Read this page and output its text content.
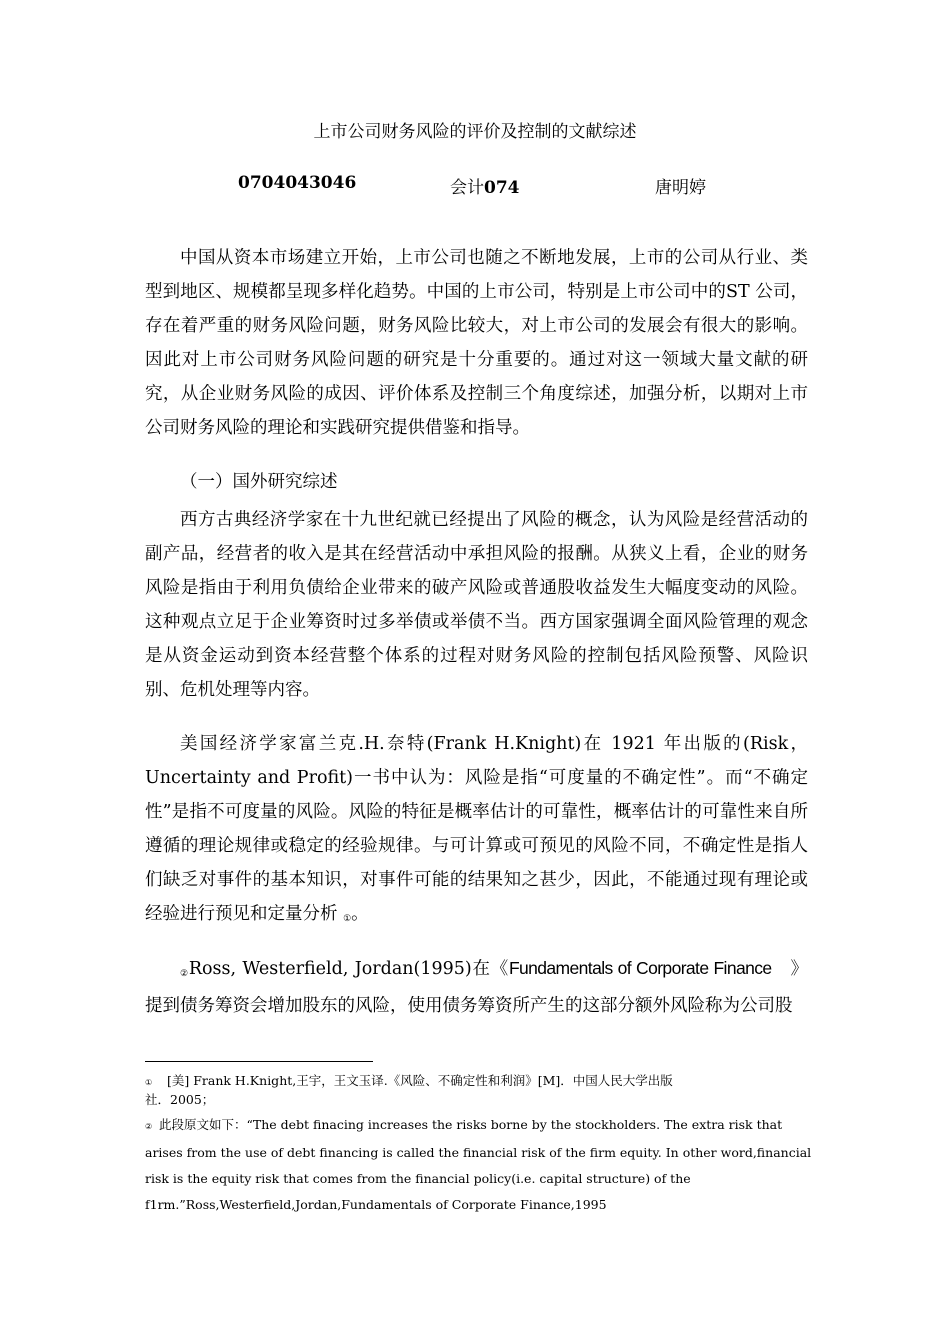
上市公司财务风险的评价及控制的文献综述
0704043046	会计074	唐明婷

中国从资本市场建立开始，上市公司也随之不断地发展，上市的公司从行业、类型到地区、规模都呈现多样化趋势。中国的上市公司，特别是上市公司中的ST 公司，存在着严重的财务风险问题，财务风险比较大，对上市公司的发展会有很大的影响。因此对上市公司财务风险问题的研究是十分重要的。通过对这一领域大量文献的研究，从企业财务风险的成因、评价体系及控制三个角度综述，加强分析，以期对上市公司财务风险的理论和实践研究提供借鉴和指导。

（一）国外研究综述

西方古典经济学家在十九世纪就已经提出了风险的概念，认为风险是经营活动的副产品，经营者的收入是其在经营活动中承担风险的报酬。从狭义上看，企业的财务风险是指由于利用负债给企业带来的破产风险或普通股收益发生大幅度变动的风险。这种观点立足于企业筹资时过多举债或举债不当。西方国家强调全面风险管理的观念是从资金运动到资本经营整个体系的过程对财务风险的控制包括风险预警、风险识别、危机处理等内容。

美国经济学家富兰克.H.奈特(Frank H.Knight)在 1921 年出版的(Risk，Uncertainty and Profit)一书中认为：风险是指“可度量的不确定性”。而“不确定性”是指不可度量的风险。风险的特征是概率估计的可靠性，概率估计的可靠性来自所遵循的理论规律或稳定的经验规律。与可计算或可预见的风险不同，不确定性是指人们缺乏对事件的基本知识，对事件可能的结果知之甚少，因此，不能通过现有理论或经验进行预见和定量分析 ①。

②Ross, Westerfield, Jordan(1995)在《Fundamentals of Corporate Finance　》提到债务筹资会增加股东的风险，使用债务筹资所产生的这部分额外风险称为公司股

① [美] Frank H.Knight,王宇，王文玉译.《风险、不确定性和利润》[M]．中国人民大学出版社．2005；

② 此段原文如下：“The debt finacing increases the risks borne by the stockholders. The extra risk that arises from the use of debt financing is called the financial risk of the firm equity. In other word,financial risk is the equity risk that comes from the financial policy(i.e. capital structure) of the f1rm.”Ross,Westerfield,Jordan,Fundamentals of Corporate Finance,1995
